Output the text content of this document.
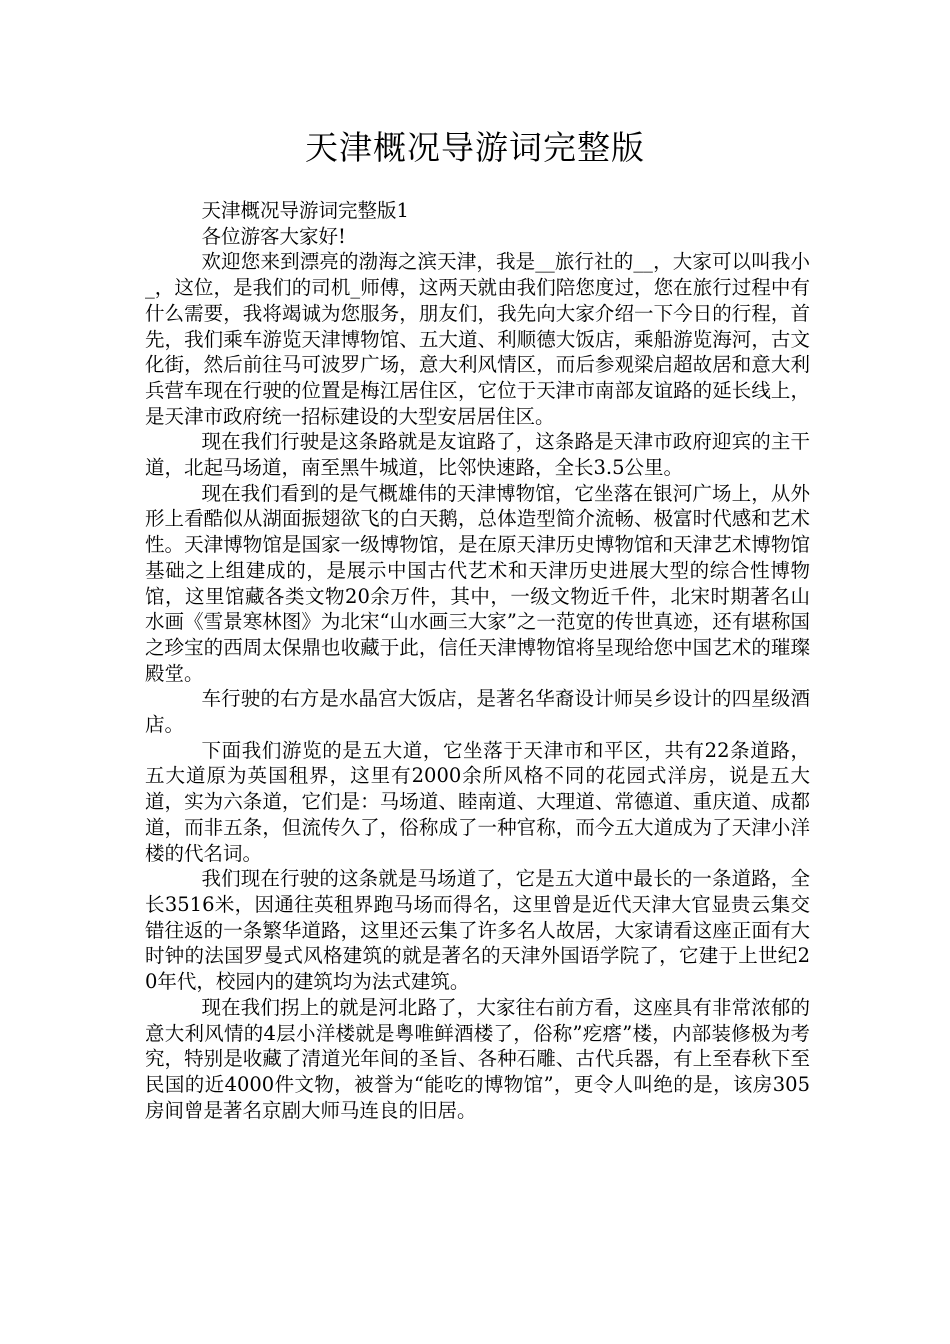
天津概况导游词完整版

天津概况导游词完整版1

各位游客大家好!

欢迎您来到漂亮的渤海之滨天津，我是__旅行社的__，大家可以叫我小_，这位，是我们的司机_师傅，这两天就由我们陪您度过，您在旅行过程中有什么需要，我将竭诚为您服务，朋友们，我先向大家介绍一下今日的行程，首先，我们乘车游览天津博物馆、五大道、利顺德大饭店，乘船游览海河，古文化街，然后前往马可波罗广场，意大利风情区，而后参观梁启超故居和意大利兵营车现在行驶的位置是梅江居住区，它位于天津市南部友谊路的延长线上，是天津市政府统一招标建设的大型安居居住区。

现在我们行驶是这条路就是友谊路了，这条路是天津市政府迎宾的主干道，北起马场道，南至黑牛城道，比邻快速路，全长3.5公里。

现在我们看到的是气概雄伟的天津博物馆，它坐落在银河广场上，从外形上看酷似从湖面振翅欲飞的白天鹅，总体造型简介流畅、极富时代感和艺术性。天津博物馆是国家一级博物馆，是在原天津历史博物馆和天津艺术博物馆基础之上组建成的，是展示中国古代艺术和天津历史进展大型的综合性博物馆，这里馆藏各类文物20余万件，其中，一级文物近千件，北宋时期著名山水画《雪景寒林图》为北宋“山水画三大家”之一范宽的传世真迹，还有堪称国之珍宝的西周太保鼎也收藏于此，信任天津博物馆将呈现给您中国艺术的璀璨殿堂。

车行驶的右方是水晶宫大饭店，是著名华裔设计师吴乡设计的四星级酒店。

下面我们游览的是五大道，它坐落于天津市和平区，共有22条道路，五大道原为英国租界，这里有2000余所风格不同的花园式洋房，说是五大道，实为六条道，它们是：马场道、睦南道、大理道、常德道、重庆道、成都道，而非五条，但流传久了，俗称成了一种官称，而今五大道成为了天津小洋楼的代名词。

我们现在行驶的这条就是马场道了，它是五大道中最长的一条道路，全长3516米，因通往英租界跑马场而得名，这里曾是近代天津大官显贵云集交错往返的一条繁华道路，这里还云集了许多名人故居，大家请看这座正面有大时钟的法国罗曼式风格建筑的就是著名的天津外国语学院了，它建于上世纪20年代，校园内的建筑均为法式建筑。

现在我们拐上的就是河北路了，大家往右前方看，这座具有非常浓郁的意大利风情的4层小洋楼就是粤唯鲜酒楼了，俗称”疙瘩”楼，内部装修极为考究，特别是收藏了清道光年间的圣旨、各种石雕、古代兵器，有上至春秋下至民国的近4000件文物，被誉为“能吃的博物馆”，更令人叫绝的是，该房305房间曾是著名京剧大师马连良的旧居。
